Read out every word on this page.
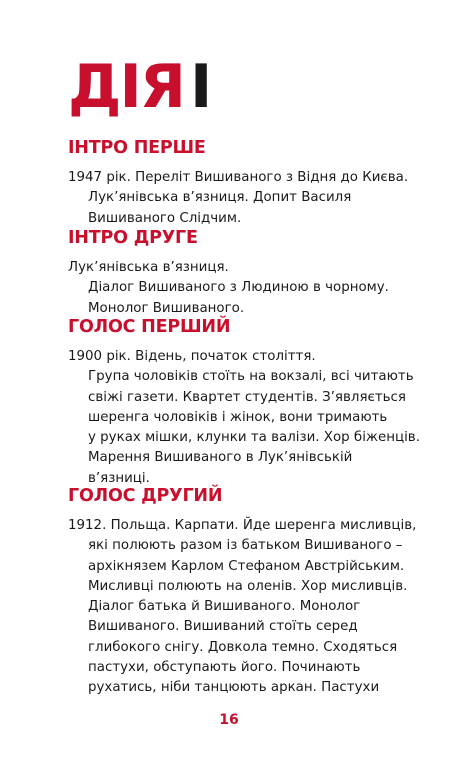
ДІЯ I
ІНТРО ПЕРШЕ
1947 рік. Переліт Вишиваного з Відня до Києва.
Лук’янівська в’язниця. Допит Василя
Вишиваного Слідчим.
ІНТРО ДРУГЕ
Лук’янівська в’язниця.
Діалог Вишиваного з Людиною в чорному.
Монолог Вишиваного.
ГОЛОС ПЕРШИЙ
1900 рік. Відень, початок століття.
Група чоловіків стоїть на вокзалі, всі читають
свіжі газети. Квартет студентів. З’являється
шеренга чоловіків і жінок, вони тримають
у руках мішки, клунки та валізи. Хор біженців.
Марення Вишиваного в Лук’янівській
в’язниці.
ГОЛОС ДРУГИЙ
1912. Польща. Карпати. Йде шеренга мисливців,
які полюють разом із батьком Вишиваного –
архікнязем Карлом Стефаном Австрійським.
Мисливці полюють на оленів. Хор мисливців.
Діалог батька й Вишиваного. Монолог
Вишиваного. Вишиваний стоїть серед
глибокого снігу. Довкола темно. Сходяться
пастухи, обступають його. Починають
рухатись, ніби танцюють аркан. Пастухи
16
